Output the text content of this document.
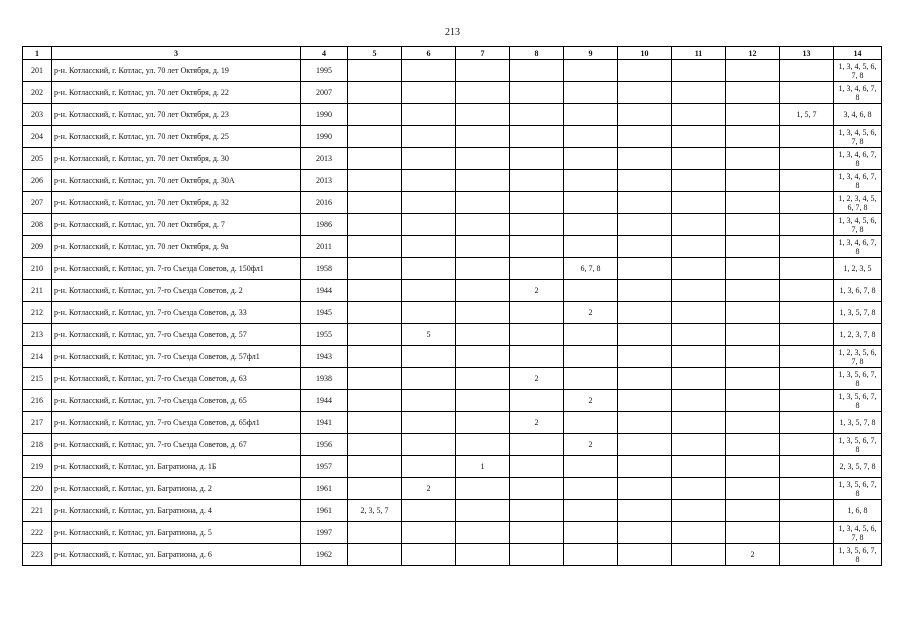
213
1	3	4	5	6	7	8	9	10	11	12	13	14
201	р-н. Котласский, г. Котлас, ул. 70 лет Октября, д. 19	1995										1, 3, 4, 5, 6, 7, 8
202	р-н. Котласский, г. Котлас, ул. 70 лет Октября, д. 22	2007										1, 3, 4, 6, 7, 8
203	р-н. Котласский, г. Котлас, ул. 70 лет Октября, д. 23	1990									1, 5, 7	3, 4, 6, 8
204	р-н. Котласский, г. Котлас, ул. 70 лет Октября, д. 25	1990										1, 3, 4, 5, 6, 7, 8
205	р-н. Котласский, г. Котлас, ул. 70 лет Октября, д. 30	2013										1, 3, 4, 6, 7, 8
206	р-н. Котласский, г. Котлас, ул. 70 лет Октября, д. 30А	2013										1, 3, 4, 6, 7, 8
207	р-н. Котласский, г. Котлас, ул. 70 лет Октября, д. 32	2016										1, 2, 3, 4, 5, 6, 7, 8
208	р-н. Котласский, г. Котлас, ул. 70 лет Октября, д. 7	1986										1, 3, 4, 5, 6, 7, 8
209	р-н. Котласский, г. Котлас, ул. 70 лет Октября, д. 9а	2011										1, 3, 4, 6, 7, 8
210	р-н. Котласский, г. Котлас, ул. 7-го Съезда Советов, д. 150фл1	1958					6, 7, 8					1, 2, 3, 5
211	р-н. Котласский, г. Котлас, ул. 7-го Съезда Советов, д. 2	1944				2						1, 3, 6, 7, 8
212	р-н. Котласский, г. Котлас, ул. 7-го Съезда Советов, д. 33	1945					2					1, 3, 5, 7, 8
213	р-н. Котласский, г. Котлас, ул. 7-го Съезда Советов, д. 57	1955		5								1, 2, 3, 7, 8
214	р-н. Котласский, г. Котлас, ул. 7-го Съезда Советов, д. 57фл1	1943										1, 2, 3, 5, 6, 7, 8
215	р-н. Котласский, г. Котлас, ул. 7-го Съезда Советов, д. 63	1938				2						1, 3, 5, 6, 7, 8
216	р-н. Котласский, г. Котлас, ул. 7-го Съезда Советов, д. 65	1944					2					1, 3, 5, 6, 7, 8
217	р-н. Котласский, г. Котлас, ул. 7-го Съезда Советов, д. 65фл1	1941				2						1, 3, 5, 7, 8
218	р-н. Котласский, г. Котлас, ул. 7-го Съезда Советов, д. 67	1956					2					1, 3, 5, 6, 7, 8
219	р-н. Котласский, г. Котлас, ул. Багратиона, д. 1Б	1957			1							2, 3, 5, 7, 8
220	р-н. Котласский, г. Котлас, ул. Багратиона, д. 2	1961		2								1, 3, 5, 6, 7, 8
221	р-н. Котласский, г. Котлас, ул. Багратиона, д. 4	1961	2, 3, 5, 7									1, 6, 8
222	р-н. Котласский, г. Котлас, ул. Багратиона, д. 5	1997										1, 3, 4, 5, 6, 7, 8
223	р-н. Котласский, г. Котлас, ул. Багратиона, д. 6	1962								2		1, 3, 5, 6, 7, 8
